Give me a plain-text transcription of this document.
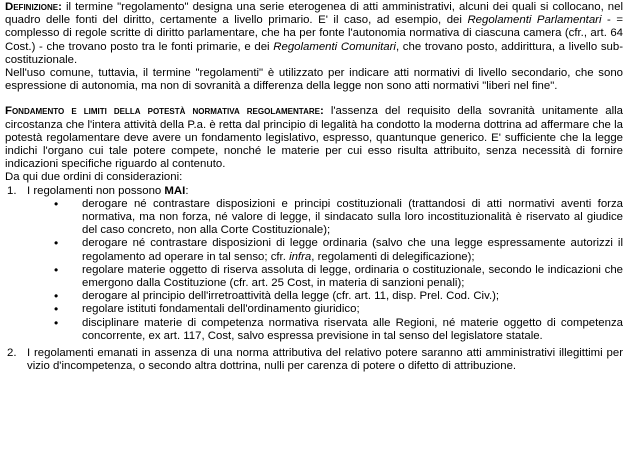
Definizione: il termine "regolamento" designa una serie eterogenea di atti amministrativi, alcuni dei quali si collocano, nel quadro delle fonti del diritto, certamente a livello primario. E' il caso, ad esempio, dei Regolamenti Parlamentari - = complesso di regole scritte di diritto parlamentare, che ha per fonte l'autonomia normativa di ciascuna camera (cfr., art. 64 Cost.) - che trovano posto tra le fonti primarie, e dei Regolamenti Comunitari, che trovano posto, addirittura, a livello sub-costituzionale.

Nell'uso comune, tuttavia, il termine "regolamenti" è utilizzato per indicare atti normativi di livello secondario, che sono espressione di autonomia, ma non di sovranità a differenza della legge non sono atti normativi "liberi nel fine".

Fondamento e limiti della potestà normativa regolamentare: l'assenza del requisito della sovranità unitamente alla circostanza che l'intera attività della P.a. è retta dal principio di legalità ha condotto la moderna dottrina ad affermare che la potestà regolamentare deve avere un fondamento legislativo, espresso, quantunque generico. E' sufficiente che la legge indichi l'organo cui tale potere compete, nonché le materie per cui esso risulta attribuito, senza necessità di fornire indicazioni specifiche riguardo al contenuto.

Da qui due ordini di considerazioni:

1. I regolamenti non possono MAI:
• derogare né contrastare disposizioni e principi costituzionali (trattandosi di atti normativi aventi forza normativa, ma non forza, né valore di legge, il sindacato sulla loro incostituzionalità è riservato al giudice del caso concreto, non alla Corte Costituzionale);
• derogare né contrastare disposizioni di legge ordinaria (salvo che una legge espressamente autorizzi il regolamento ad operare in tal senso; cfr. infra, regolamenti di delegificazione);
• regolare materie oggetto di riserva assoluta di legge, ordinaria o costituzionale, secondo le indicazioni che emergono dalla Costituzione (cfr. art. 25 Cost, in materia di sanzioni penali);
• derogare al principio dell'irretroattività della legge (cfr. art. 11, disp. Prel. Cod. Civ.);
• regolare istituti fondamentali dell'ordinamento giuridico;
• disciplinare materie di competenza normativa riservata alle Regioni, né materie oggetto di competenza concorrente, ex art. 117, Cost, salvo espressa previsione in tal senso del legislatore statale.
2. I regolamenti emanati in assenza di una norma attributiva del relativo potere saranno atti amministrativi illegittimi per vizio d'incompetenza, o secondo altra dottrina, nulli per carenza di potere o difetto di attribuzione.
